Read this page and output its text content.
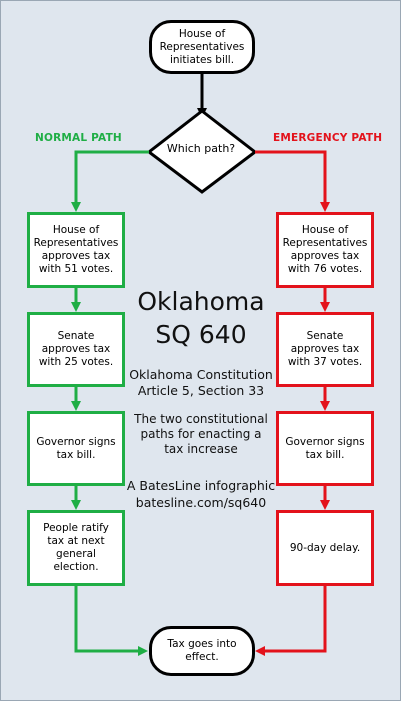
House of Representatives initiates bill.
Which path?
NORMAL PATH	EMERGENCY PATH
House of Representatives approves tax with 51 votes.
Senate approves tax with 25 votes.
Governor signs tax bill.
People ratify tax at next general election.
House of Representatives approves tax with 76 votes.
Senate approves tax with 37 votes.
Governor signs tax bill.
90-day delay.
Tax goes into effect.
Oklahoma
SQ 640
Oklahoma Constitution
Article 5, Section 33
The two constitutional paths for enacting a tax increase
A BatesLine infographic
batesline.com/sq640
